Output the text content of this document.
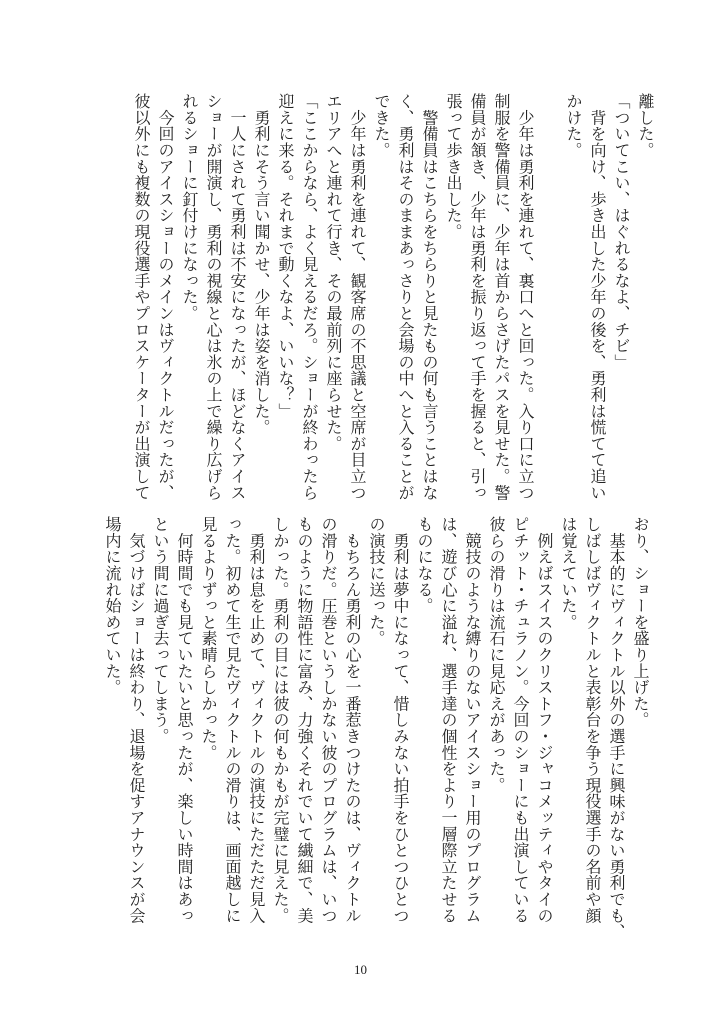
離した。
「ついてこい、はぐれるなよ、チビ」
　背を向け、歩き出した少年の後を、勇利は慌てて追い
かけた。
　少年は勇利を連れて、裏口へと回った。入り口に立つ
制服を警備員に、少年は首からさげたパスを見せた。警
備員が頷き、少年は勇利を振り返って手を握ると、引っ
張って歩き出した。
　警備員はこちらをちらりと見たもの何も言うことはな
く、勇利はそのままあっさりと会場の中へと入ることが
できた。
　少年は勇利を連れて、観客席の不思議と空席が目立つ
エリアへと連れて行き、その最前列に座らせた。
「ここからなら、よく見えるだろ。ショーが終わったら
迎えに来る。それまで動くなよ、いいな？」
　勇利にそう言い聞かせ、少年は姿を消した。
　一人にされて勇利は不安になったが、ほどなくアイス
ショーが開演し、勇利の視線と心は氷の上で繰り広げら
れるショーに釘付けになった。
　今回のアイスショーのメインはヴィクトルだったが、
彼以外にも複数の現役選手やプロスケーターが出演して
おり、ショーを盛り上げた。
　基本的にヴィクトル以外の選手に興味がない勇利でも、
しばしばヴィクトルと表彰台を争う現役選手の名前や顔
は覚えていた。
　例えばスイスのクリストフ・ジャコメッティやタイの
ピチット・チュラノン。今回のショーにも出演している
彼らの滑りは流石に見応えがあった。
　競技のような縛りのないアイスショー用のプログラム
は、遊び心に溢れ、選手達の個性をより一層際立たせる
ものになる。
　勇利は夢中になって、惜しみない拍手をひとつひとつ
の演技に送った。
　もちろん勇利の心を一番惹きつけたのは、ヴィクトル
の滑りだ。圧巻というしかない彼のプログラムは、いつ
ものように物語性に富み、力強くそれでいて繊細で、美
しかった。勇利の目には彼の何もかもが完璧に見えた。
　勇利は息を止めて、ヴィクトルの演技にただただ見入
った。初めて生で見たヴィクトルの滑りは、画面越しに
見るよりずっと素晴らしかった。
　何時間でも見ていたいと思ったが、楽しい時間はあっ
という間に過ぎ去ってしまう。
　気づけばショーは終わり、退場を促すアナウンスが会
場内に流れ始めていた。
10
